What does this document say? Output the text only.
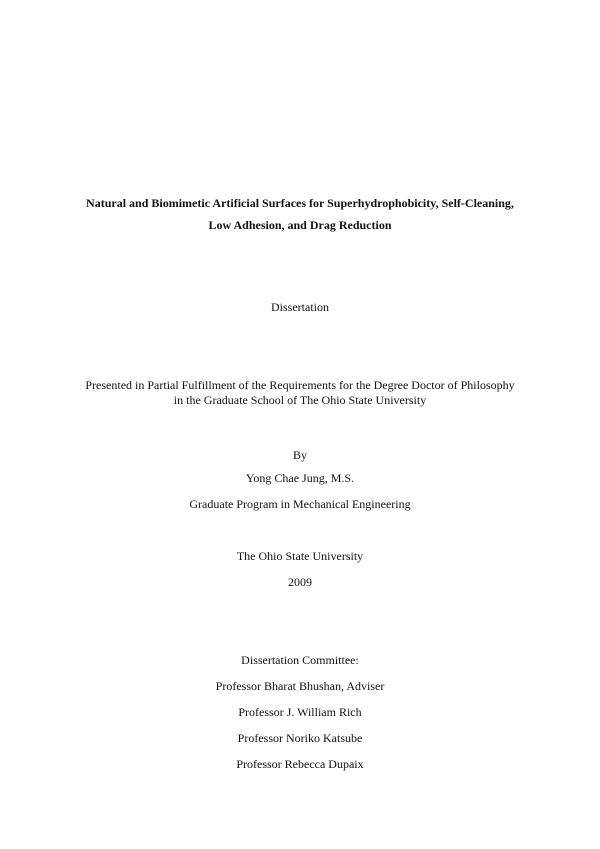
Natural and Biomimetic Artificial Surfaces for Superhydrophobicity, Self-Cleaning,
Low Adhesion, and Drag Reduction
Dissertation
Presented in Partial Fulfillment of the Requirements for the Degree Doctor of Philosophy
in the Graduate School of The Ohio State University
By
Yong Chae Jung, M.S.
Graduate Program in Mechanical Engineering
The Ohio State University
2009
Dissertation Committee:
Professor Bharat Bhushan, Adviser
Professor J. William Rich
Professor Noriko Katsube
Professor Rebecca Dupaix
